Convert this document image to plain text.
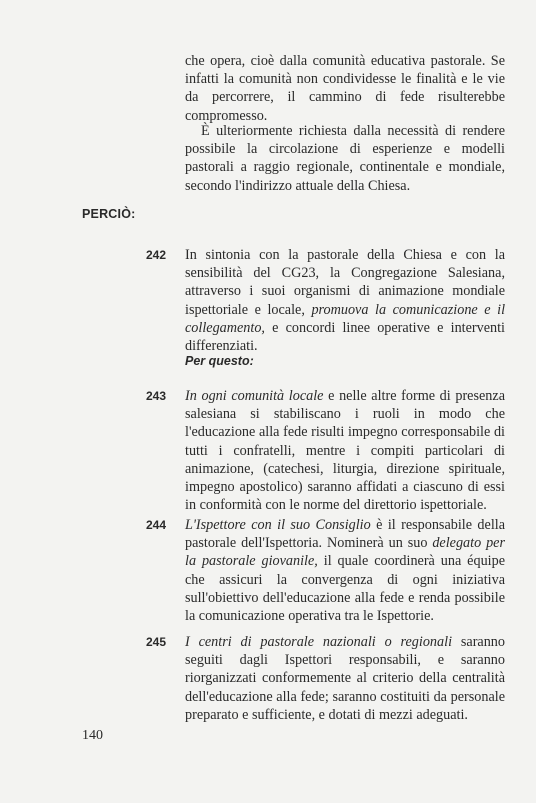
che opera, cioè dalla comunità educativa pastorale. Se infatti la comunità non condividesse le finalità e le vie da percorrere, il cammino di fede risulterebbe compromesso.
È ulteriormente richiesta dalla necessità di rendere possibile la circolazione di esperienze e modelli pastorali a raggio regionale, continentale e mondiale, secondo l'indirizzo attuale della Chiesa.
PERCIÒ:
242 In sintonia con la pastorale della Chiesa e con la sensibilità del CG23, la Congregazione Salesiana, attraverso i suoi organismi di animazione mondiale ispettoriale e locale, promuova la comunicazione e il collegamento, e concordi linee operative e interventi differenziati.
Per questo:
243 In ogni comunità locale e nelle altre forme di presenza salesiana si stabiliscano i ruoli in modo che l'educazione alla fede risulti impegno corresponsabile di tutti i confratelli, mentre i compiti particolari di animazione, (catechesi, liturgia, direzione spirituale, impegno apostolico) saranno affidati a ciascuno di essi in conformità con le norme del direttorio ispettoriale.
244 L'Ispettore con il suo Consiglio è il responsabile della pastorale dell'Ispettoria. Nominerà un suo delegato per la pastorale giovanile, il quale coordinerà una équipe che assicuri la convergenza di ogni iniziativa sull'obiettivo dell'educazione alla fede e renda possibile la comunicazione operativa tra le Ispettorie.
245 I centri di pastorale nazionali o regionali saranno seguiti dagli Ispettori responsabili, e saranno riorganizzati conformemente al criterio della centralità dell'educazione alla fede; saranno costituiti da personale preparato e sufficiente, e dotati di mezzi adeguati.
140
